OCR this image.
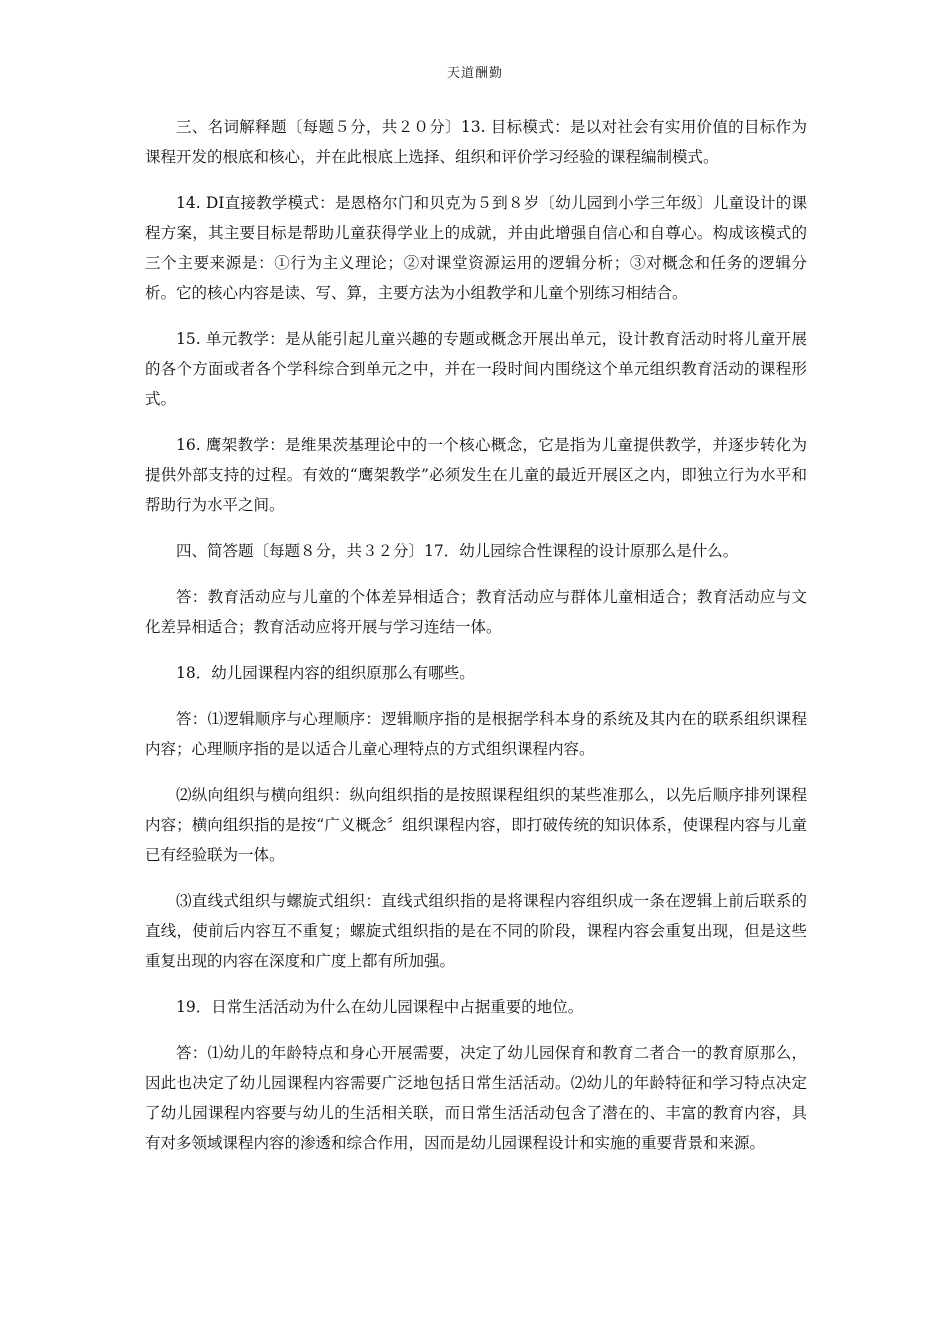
天道酬勤

三、名词解释题〔每题５分，共２０分〕13. 目标模式：是以对社会有实用价值的目标作为课程开发的根底和核心，并在此根底上选择、组织和评价学习经验的课程编制模式。

14. DI直接教学模式：是恩格尔门和贝克为５到８岁〔幼儿园到小学三年级〕儿童设计的课程方案，其主要目标是帮助儿童获得学业上的成就，并由此增强自信心和自尊心。构成该模式的三个主要来源是：①行为主义理论；②对课堂资源运用的逻辑分析；③对概念和任务的逻辑分析。它的核心内容是读、写、算，主要方法为小组教学和儿童个别练习相结合。

15. 单元教学：是从能引起儿童兴趣的专题或概念开展出单元，设计教育活动时将儿童开展的各个方面或者各个学科综合到单元之中，并在一段时间内围绕这个单元组织教育活动的课程形式。

16. 鹰架教学：是维果茨基理论中的一个核心概念，它是指为儿童提供教学，并逐步转化为提供外部支持的过程。有效的“鹰架教学”必须发生在儿童的最近开展区之内，即独立行为水平和帮助行为水平之间。

四、简答题〔每题８分，共３２分〕17．幼儿园综合性课程的设计原那么是什么。

答：教育活动应与儿童的个体差异相适合；教育活动应与群体儿童相适合；教育活动应与文化差异相适合；教育活动应将开展与学习连结一体。

18．幼儿园课程内容的组织原那么有哪些。

答：⑴逻辑顺序与心理顺序：逻辑顺序指的是根据学科本身的系统及其内在的联系组织课程内容；心理顺序指的是以适合儿童心理特点的方式组织课程内容。

⑵纵向组织与横向组织：纵向组织指的是按照课程组织的某些准那么，以先后顺序排列课程内容；横向组织指的是按“广义概念〞组织课程内容，即打破传统的知识体系，使课程内容与儿童已有经验联为一体。

⑶直线式组织与螺旋式组织：直线式组织指的是将课程内容组织成一条在逻辑上前后联系的直线，使前后内容互不重复；螺旋式组织指的是在不同的阶段，课程内容会重复出现，但是这些重复出现的内容在深度和广度上都有所加强。

19．日常生活活动为什么在幼儿园课程中占据重要的地位。

答：⑴幼儿的年龄特点和身心开展需要，决定了幼儿园保育和教育二者合一的教育原那么，因此也决定了幼儿园课程内容需要广泛地包括日常生活活动。⑵幼儿的年龄特征和学习特点决定了幼儿园课程内容要与幼儿的生活相关联，而日常生活活动包含了潜在的、丰富的教育内容，具有对多领域课程内容的渗透和综合作用，因而是幼儿园课程设计和实施的重要背景和来源。
